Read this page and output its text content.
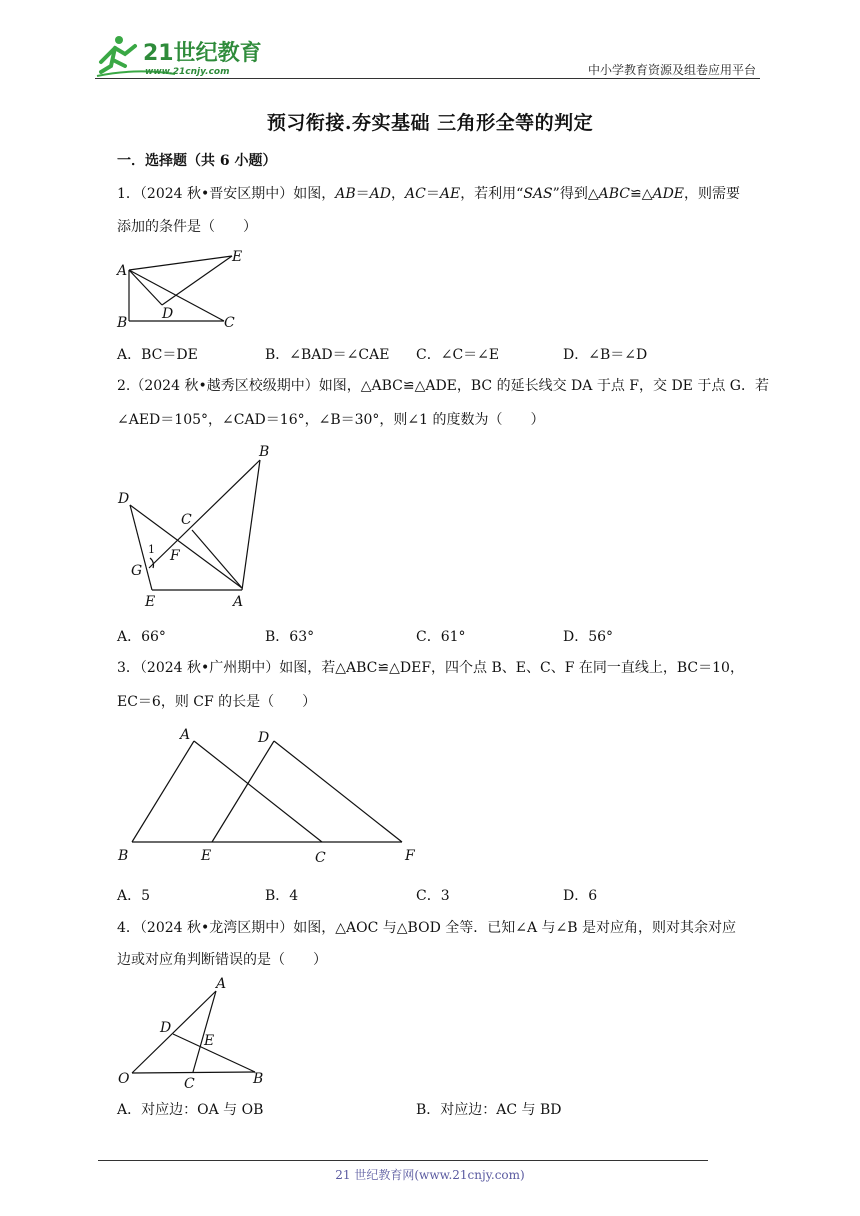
21世纪教育
www.21cnjy.com	中小学教育资源及组卷应用平台
预习衔接.夯实基础 三角形全等的判定
一．选择题（共 6 小题）
1．（2024 秋•晋安区期中）如图，AB＝AD，AC＝AE，若利用“SAS”得到△ABC≌△ADE，则需要
添加的条件是（　　）
A
E
D
B	C
A．BC＝DE	B．∠BAD＝∠CAE C．∠C＝∠E	D．∠B＝∠D
2.（2024 秋•越秀区校级期中）如图，△ABC≌△ADE，BC 的延长线交 DA 于点 F，交 DE 于点 G．若
∠AED＝105°，∠CAD＝16°，∠B＝30°，则∠1 的度数为（　　）
B
D
C
F
1
G
E	A
A．66°	B．63°	C．61°	D．56°
3．（2024 秋•广州期中）如图，若△ABC≌△DEF，四个点 B、E、C、F 在同一直线上，BC＝10，
EC＝6，则 CF 的长是（　　）
A	D
B	E	C	F
A．5	B．4	C．3	D．6
4．（2024 秋•龙湾区期中）如图，△AOC 与△BOD 全等．已知∠A 与∠B 是对应角，则对其余对应
边或对应角判断错误的是（　　）
A
D
E
O	C	B
A．对应边：OA 与 OB	B．对应边：AC 与 BD
21 世纪教育网(www.21cnjy.com)
